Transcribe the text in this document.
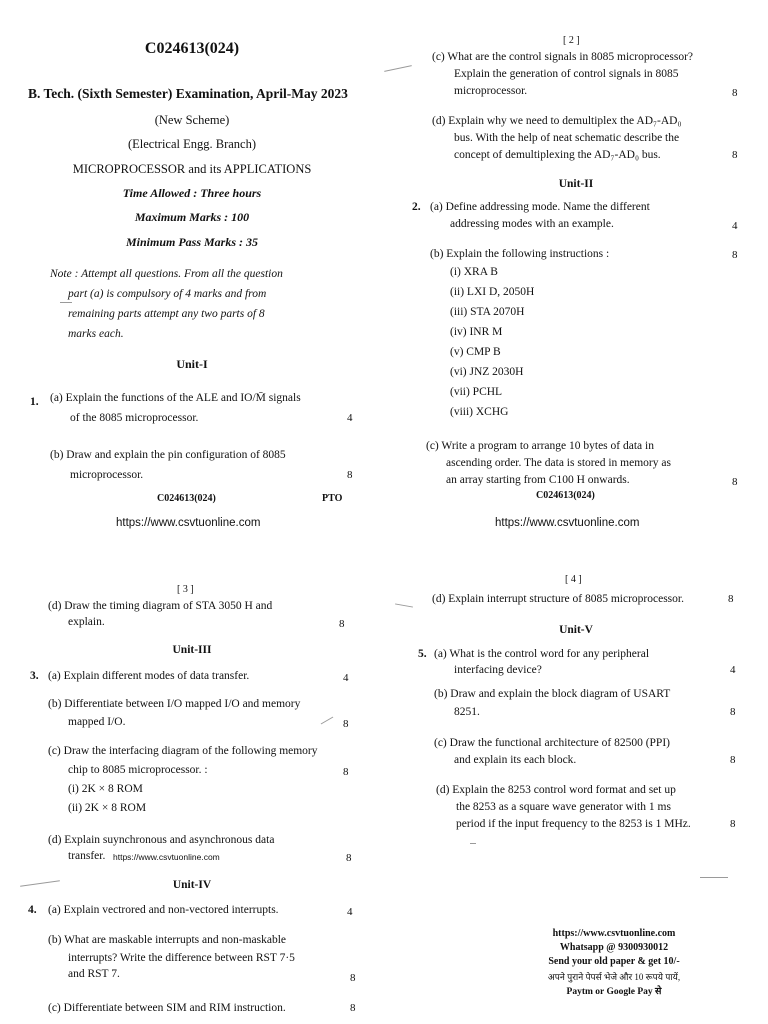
C024613(024)
B. Tech. (Sixth Semester) Examination, April-May 2023
(New Scheme)
(Electrical Engg. Branch)
MICROPROCESSOR and its APPLICATIONS
Time Allowed : Three hours
Maximum Marks : 100
Minimum Pass Marks : 35
Note : Attempt all questions. From all the question
part (a) is compulsory of 4 marks and from
remaining parts attempt any two parts of 8
marks each.
Unit-I
1. (a) Explain the functions of the ALE and IO/M̄ signals
of the 8085 microprocessor.	4
(b) Draw and explain the pin configuration of 8085
microprocessor.	8
C024613(024)	PTO
https://www.csvtuonline.com
[ 2 ]
(c) What are the control signals in 8085 microprocessor?
Explain the generation of control signals in 8085
microprocessor.	8
(d) Explain why we need to demultiplex the AD₇-AD₀
bus. With the help of neat schematic describe the
concept of demultiplexing the AD₇-AD₀ bus.	8
Unit-II
2. (a) Define addressing mode. Name the different
addressing modes with an example.	4
(b) Explain the following instructions :	8
(i) XRA B
(ii) LXI D, 2050H
(iii) STA 2070H
(iv) INR M
(v) CMP B
(vi) JNZ 2030H
(vii) PCHL
(viii) XCHG
(c) Write a program to arrange 10 bytes of data in
ascending order. The data is stored in memory as
an array starting from C100 H onwards.	8
C024613(024)
https://www.csvtuonline.com
[ 3 ]
(d) Draw the timing diagram of STA 3050 H and
explain.	8
Unit-III
3. (a) Explain different modes of data transfer.	4
(b) Differentiate between I/O mapped I/O and memory
mapped I/O.	8
(c) Draw the interfacing diagram of the following memory
chip to 8085 microprocessor. :	8
(i) 2K × 8 ROM
(ii) 2K × 8 ROM
(d) Explain suynchronous and asynchronous data
transfer. https://www.csvtuonline.com	8
Unit-IV
4. (a) Explain vectrored and non-vectored interrupts.	4
(b) What are maskable interrupts and non-maskable
interrupts? Write the difference between RST 7·5
and RST 7.	8
(c) Differentiate between SIM and RIM instruction.	8
[ 4 ]
(d) Explain interrupt structure of 8085 microprocessor.	8
Unit-V
5. (a) What is the control word for any peripheral
interfacing device?	4
(b) Draw and explain the block diagram of USART
8251.	8
(c) Draw the functional architecture of 82500 (PPI)
and explain its each block.	8
(d) Explain the 8253 control word format and set up
the 8253 as a square wave generator with 1 ms
period if the input frequency to the 8253 is 1 MHz.	8
https://www.csvtuonline.com
Whatsapp @ 9300930012
Send your old paper & get 10/-
अपने पुराने पेपर्स भेजे और 10 रूपये पायें,
Paytm or Google Pay से
